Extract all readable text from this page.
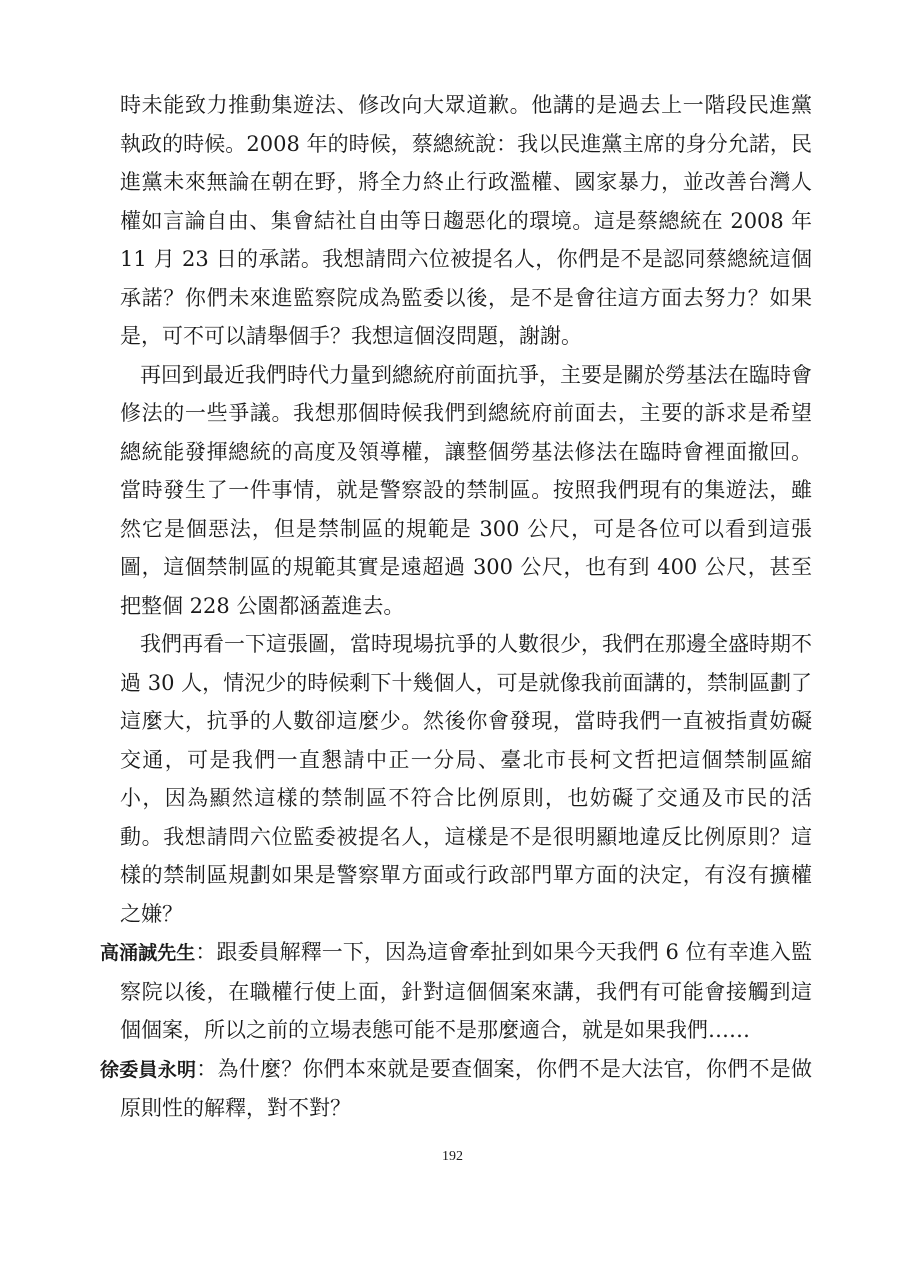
時未能致力推動集遊法、修改向大眾道歉。他講的是過去上一階段民進黨執政的時候。2008 年的時候，蔡總統說：我以民進黨主席的身分允諾，民進黨未來無論在朝在野，將全力終止行政濫權、國家暴力，並改善台灣人權如言論自由、集會結社自由等日趨惡化的環境。這是蔡總統在 2008 年 11 月 23 日的承諾。我想請問六位被提名人，你們是不是認同蔡總統這個承諾？你們未來進監察院成為監委以後，是不是會往這方面去努力？如果是，可不可以請舉個手？我想這個沒問題，謝謝。

再回到最近我們時代力量到總統府前面抗爭，主要是關於勞基法在臨時會修法的一些爭議。我想那個時候我們到總統府前面去，主要的訴求是希望總統能發揮總統的高度及領導權，讓整個勞基法修法在臨時會裡面撤回。當時發生了一件事情，就是警察設的禁制區。按照我們現有的集遊法，雖然它是個惡法，但是禁制區的規範是 300 公尺，可是各位可以看到這張圖，這個禁制區的規範其實是遠超過 300 公尺，也有到 400 公尺，甚至把整個 228 公園都涵蓋進去。

我們再看一下這張圖，當時現場抗爭的人數很少，我們在那邊全盛時期不過 30 人，情況少的時候剩下十幾個人，可是就像我前面講的，禁制區劃了這麼大，抗爭的人數卻這麼少。然後你會發現，當時我們一直被指責妨礙交通，可是我們一直懇請中正一分局、臺北市長柯文哲把這個禁制區縮小，因為顯然這樣的禁制區不符合比例原則，也妨礙了交通及市民的活動。我想請問六位監委被提名人，這樣是不是很明顯地違反比例原則？這樣的禁制區規劃如果是警察單方面或行政部門單方面的決定，有沒有擴權之嫌？

高涌誠先生：跟委員解釋一下，因為這會牽扯到如果今天我們 6 位有幸進入監察院以後，在職權行使上面，針對這個個案來講，我們有可能會接觸到這個個案，所以之前的立場表態可能不是那麼適合，就是如果我們……

徐委員永明：為什麼？你們本來就是要查個案，你們不是大法官，你們不是做原則性的解釋，對不對？

192
